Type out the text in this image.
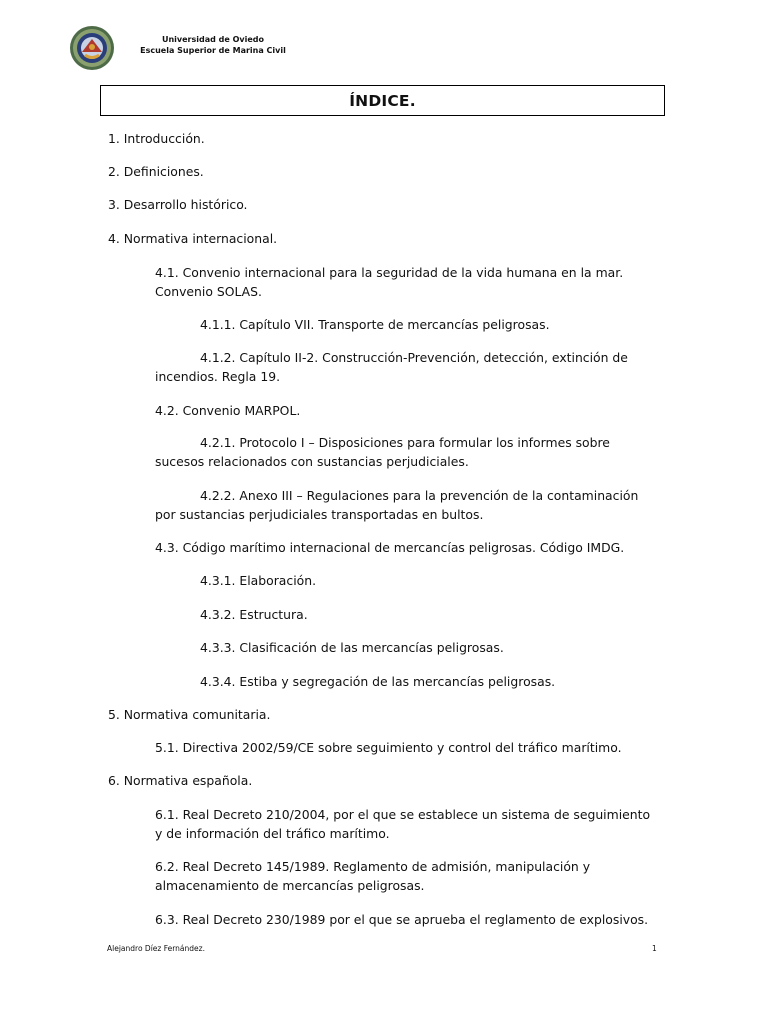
Universidad de Oviedo
Escuela Superior de Marina Civil
ÍNDICE.
1. Introducción.
2. Definiciones.
3. Desarrollo histórico.
4. Normativa internacional.
4.1. Convenio internacional para la seguridad de la vida humana en la mar.
Convenio SOLAS.
4.1.1. Capítulo VII. Transporte de mercancías peligrosas.
4.1.2. Capítulo II-2. Construcción-Prevención, detección, extinción de
incendios. Regla 19.
4.2. Convenio MARPOL.
4.2.1. Protocolo I – Disposiciones para formular los informes sobre
sucesos relacionados con sustancias perjudiciales.
4.2.2. Anexo III – Regulaciones para la prevención de la contaminación
por sustancias perjudiciales transportadas en bultos.
4.3. Código marítimo internacional de mercancías peligrosas. Código IMDG.
4.3.1. Elaboración.
4.3.2. Estructura.
4.3.3. Clasificación de las mercancías peligrosas.
4.3.4. Estiba y segregación de las mercancías peligrosas.
5. Normativa comunitaria.
5.1. Directiva 2002/59/CE sobre seguimiento y control del tráfico marítimo.
6. Normativa española.
6.1. Real Decreto 210/2004, por el que se establece un sistema de seguimiento
y de información del tráfico marítimo.
6.2. Real Decreto 145/1989. Reglamento de admisión, manipulación y
almacenamiento de mercancías peligrosas.
6.3. Real Decreto 230/1989 por el que se aprueba el reglamento de explosivos.
Alejandro Díez Fernández.	1
